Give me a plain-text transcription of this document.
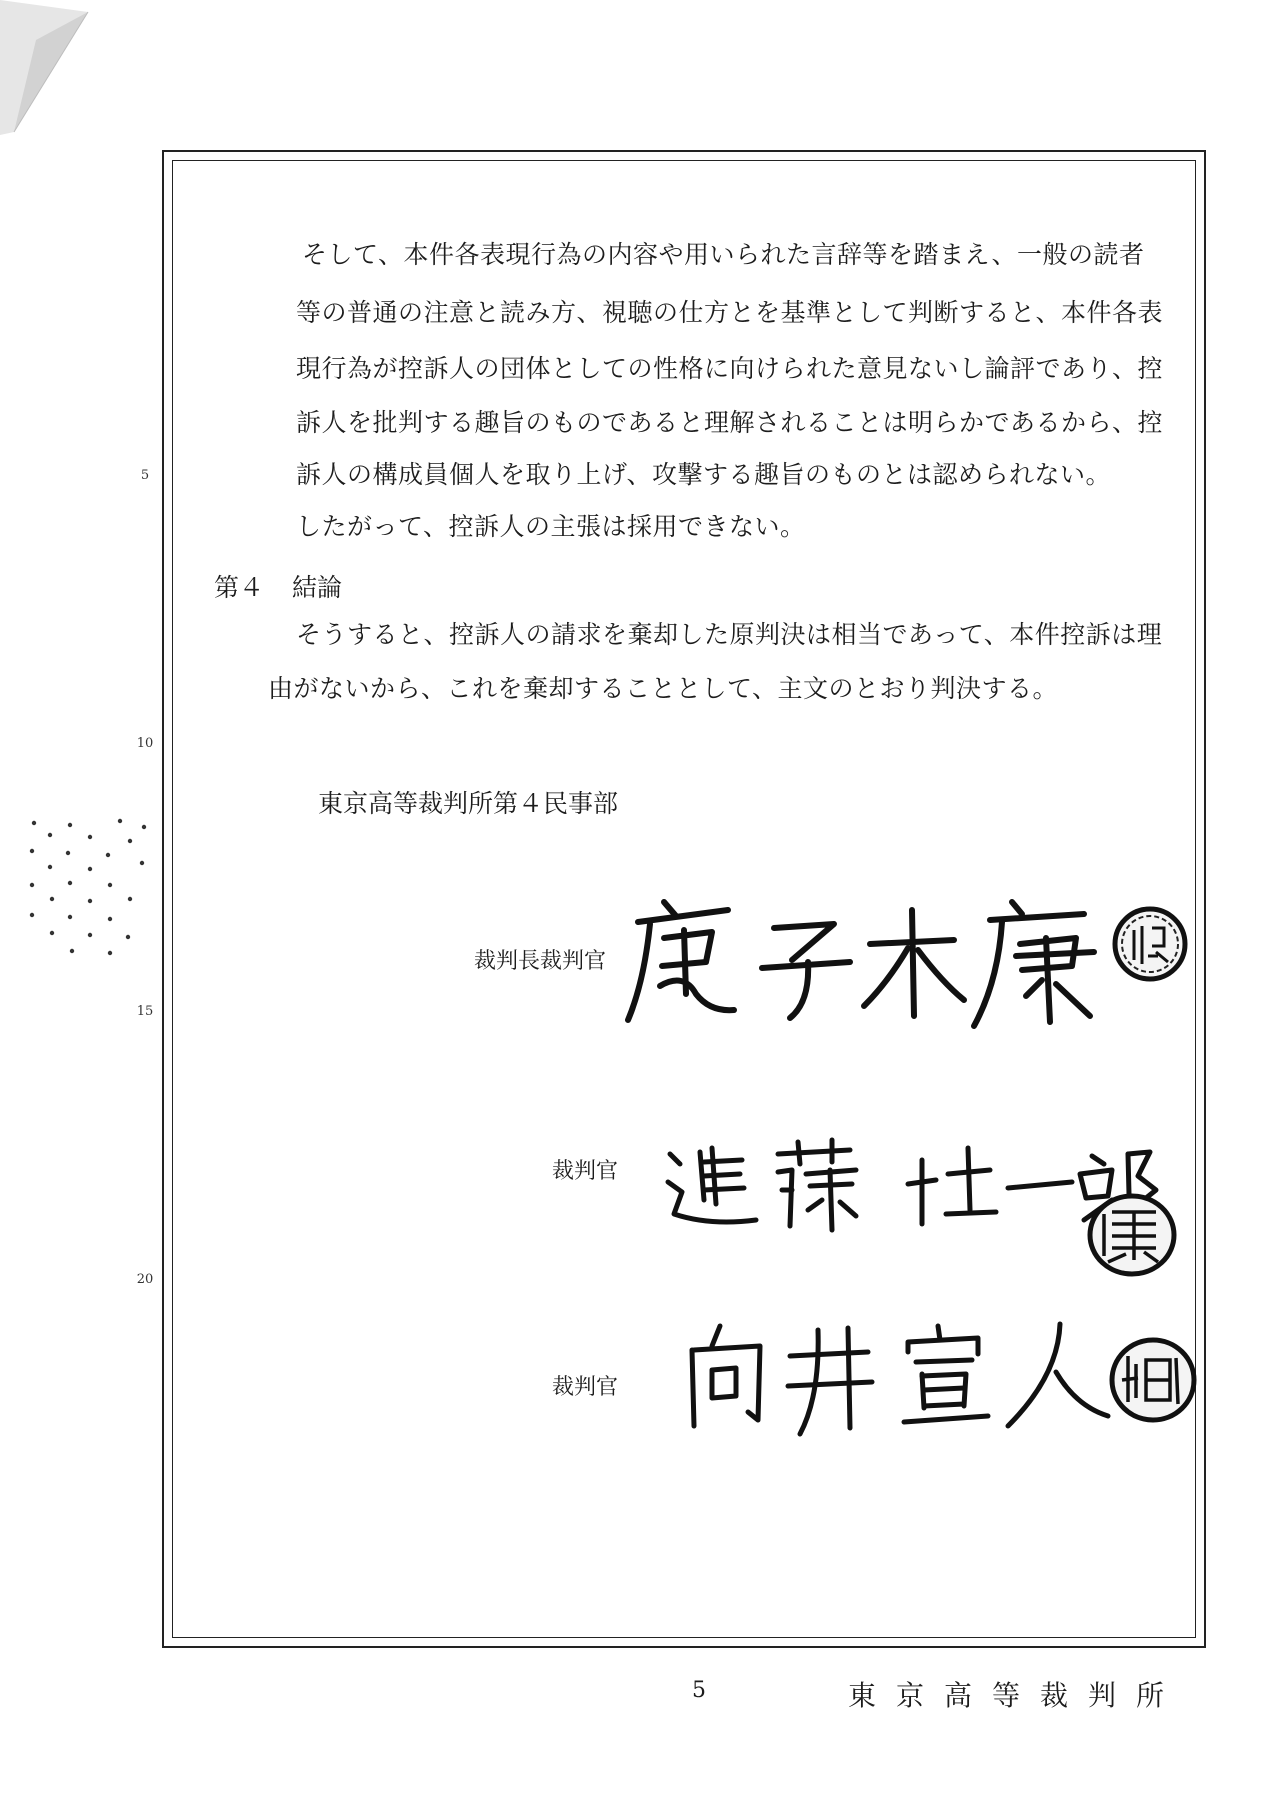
5
10
15
20
そして、本件各表現行為の内容や用いられた言辞等を踏まえ、一般の読者
等の普通の注意と読み方、視聴の仕方とを基準として判断すると、本件各表
現行為が控訴人の団体としての性格に向けられた意見ないし論評であり、控
訴人を批判する趣旨のものであると理解されることは明らかであるから、控
訴人の構成員個人を取り上げ、攻撃する趣旨のものとは認められない。
したがって、控訴人の主張は採用できない。
第４ 結論
そうすると、控訴人の請求を棄却した原判決は相当であって、本件控訴は理
由がないから、これを棄却することとして、主文のとおり判決する。
東京高等裁判所第４民事部
裁判長裁判官
裁判官
裁判官
5	東京高等裁判所
